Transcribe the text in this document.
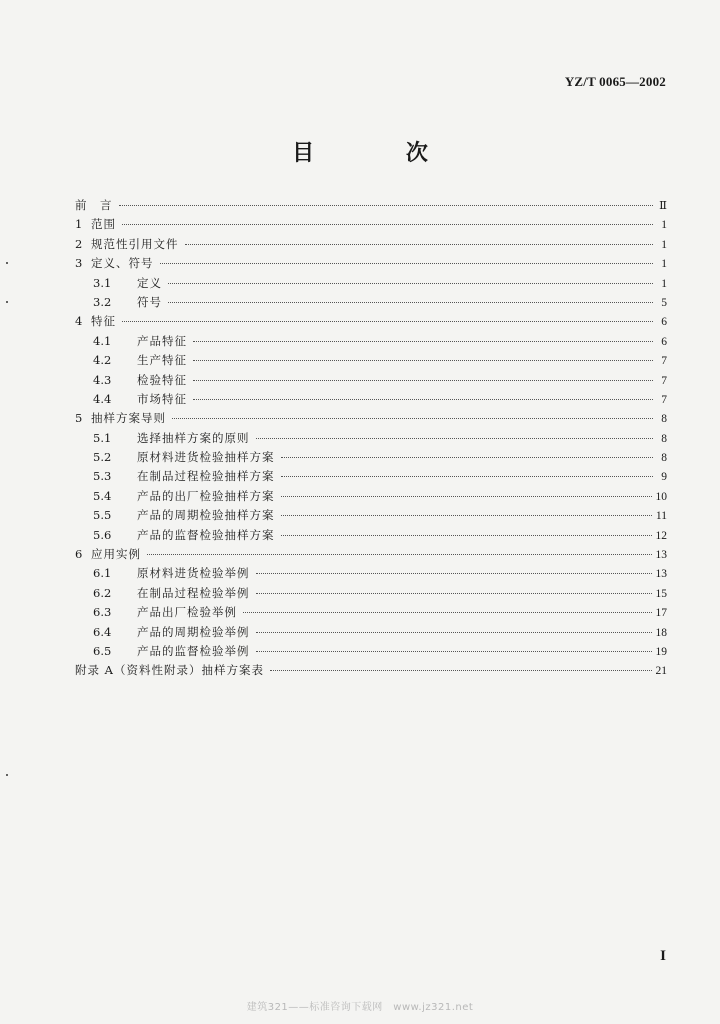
YZ/T 0065—2002
目 次
前　言	Ⅱ
1 范围	1
2 规范性引用文件	1
3 定义、符号	1
3.1	定义	1
3.2	符号	5
4 特征	6
4.1	产品特征	6
4.2	生产特征	7
4.3	检验特征	7
4.4	市场特征	7
5 抽样方案导则	8
5.1	选择抽样方案的原则	8
5.2	原材料进货检验抽样方案	8
5.3	在制品过程检验抽样方案	9
5.4	产品的出厂检验抽样方案	10
5.5	产品的周期检验抽样方案	11
5.6	产品的监督检验抽样方案	12
6 应用实例	13
6.1	原材料进货检验举例	13
6.2	在制品过程检验举例	15
6.3	产品出厂检验举例	17
6.4	产品的周期检验举例	18
6.5	产品的监督检验举例	19
附录 A（资料性附录）抽样方案表	21
I
建筑321——标准咨询下载网　www.jz321.net
